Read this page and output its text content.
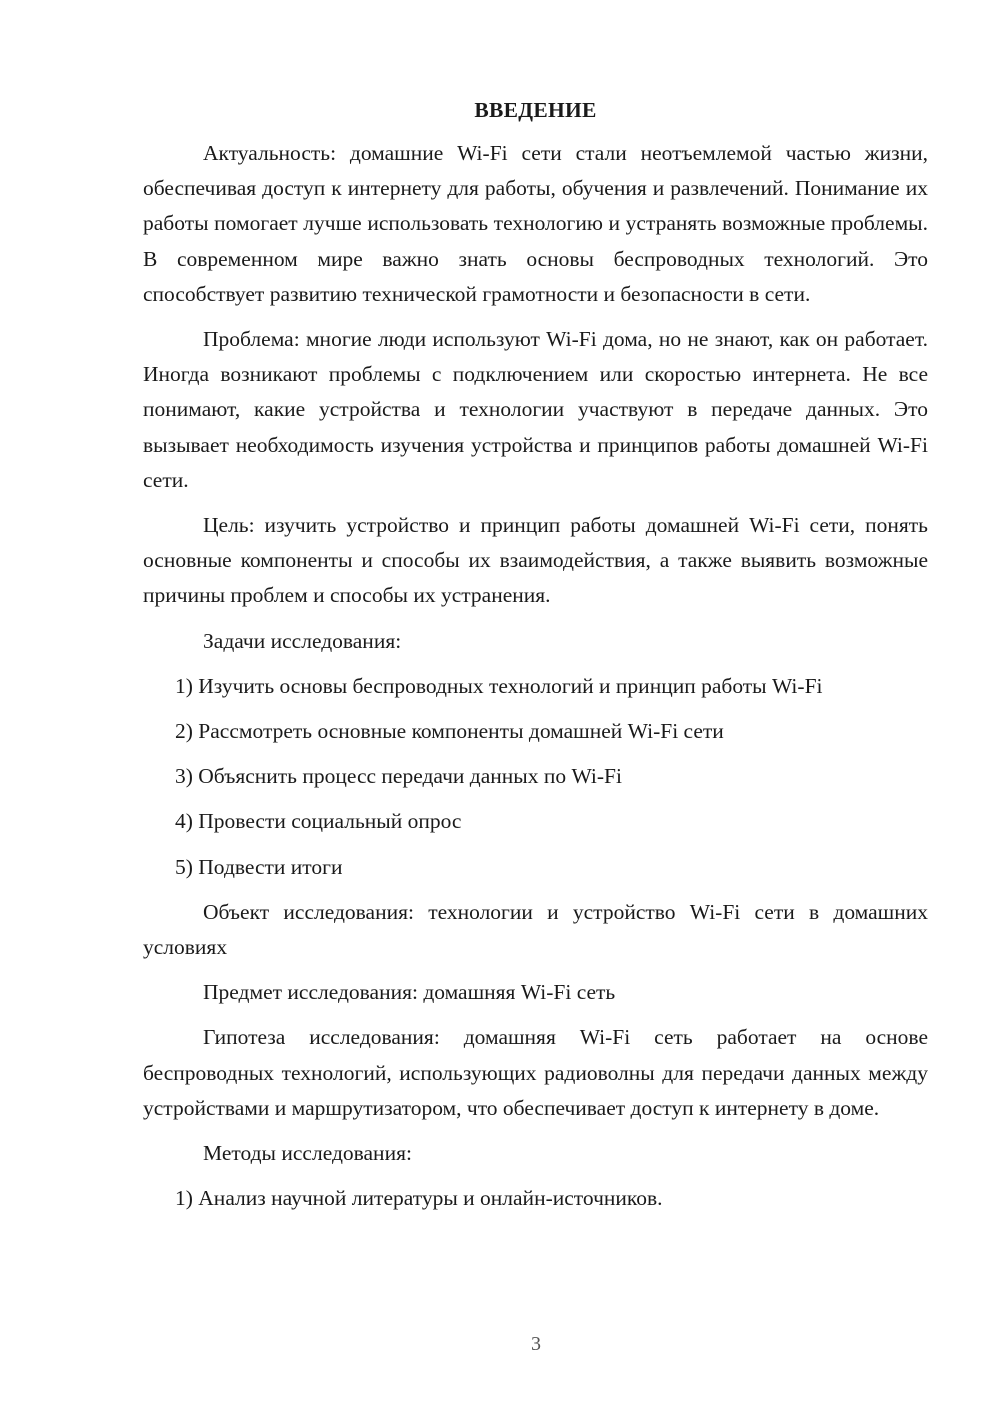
ВВЕДЕНИЕ

Актуальность: домашние Wi-Fi сети стали неотъемлемой частью жизни, обеспечивая доступ к интернету для работы, обучения и развлечений. Понимание их работы помогает лучше использовать технологию и устранять возможные проблемы. В современном мире важно знать основы беспроводных технологий. Это способствует развитию технической грамотности и безопасности в сети.

Проблема: многие люди используют Wi-Fi дома, но не знают, как он работает. Иногда возникают проблемы с подключением или скоростью интернета. Не все понимают, какие устройства и технологии участвуют в передаче данных. Это вызывает необходимость изучения устройства и принципов работы домашней Wi-Fi сети.

Цель: изучить устройство и принцип работы домашней Wi-Fi сети, понять основные компоненты и способы их взаимодействия, а также выявить возможные причины проблем и способы их устранения.

Задачи исследования:

1) Изучить основы беспроводных технологий и принцип работы Wi-Fi

2) Рассмотреть основные компоненты домашней Wi-Fi сети

3) Объяснить процесс передачи данных по Wi-Fi

4) Провести социальный опрос

5) Подвести итоги

Объект исследования: технологии и устройство Wi-Fi сети в домашних условиях

Предмет исследования: домашняя Wi-Fi сеть

Гипотеза исследования: домашняя Wi-Fi сеть работает на основе беспроводных технологий, использующих радиоволны для передачи данных между устройствами и маршрутизатором, что обеспечивает доступ к интернету в доме.

Методы исследования:

1) Анализ научной литературы и онлайн-источников.

3
